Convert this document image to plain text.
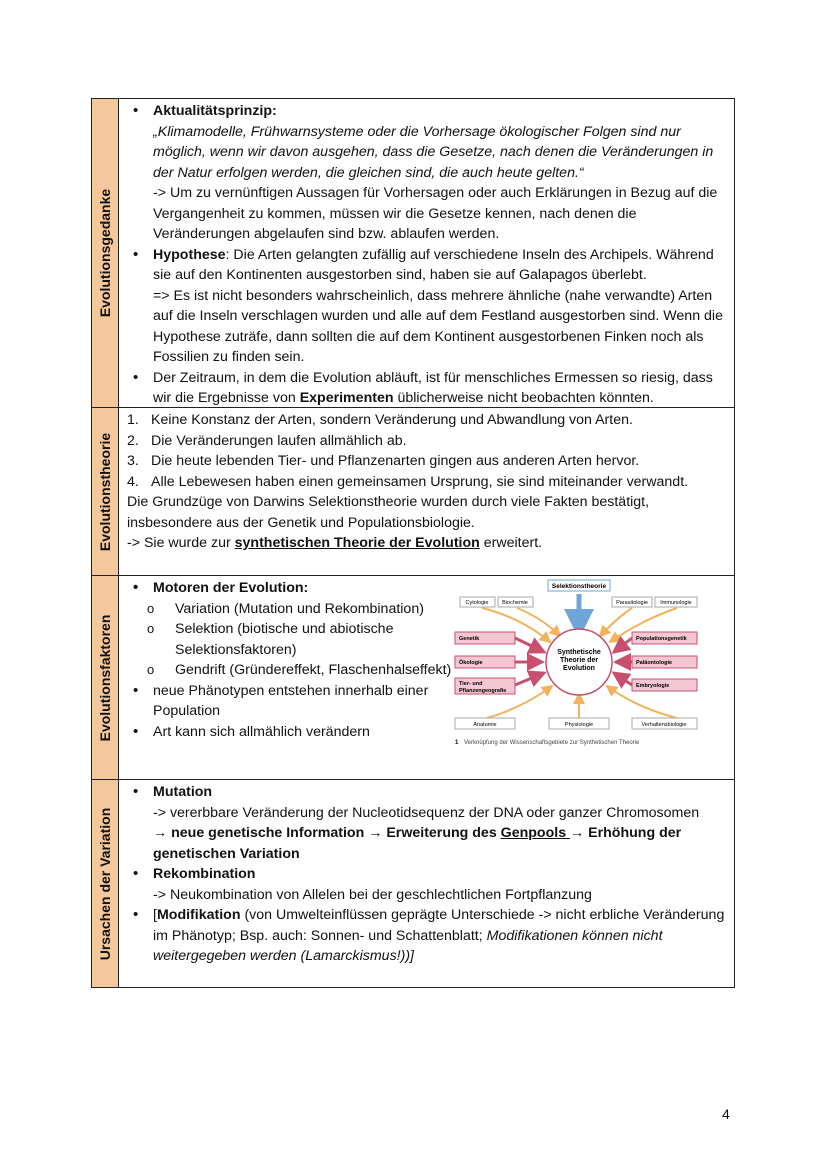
Evolutionsgedanke
• Aktualitätsprinzip:
„Klimamodelle, Frühwarnsysteme oder die Vorhersage ökologischer Folgen sind nur möglich, wenn wir davon ausgehen, dass die Gesetze, nach denen die Veränderungen in der Natur erfolgen werden, die gleichen sind, die auch heute gelten.“
-> Um zu vernünftigen Aussagen für Vorhersagen oder auch Erklärungen in Bezug auf die Vergangenheit zu kommen, müssen wir die Gesetze kennen, nach denen die Veränderungen abgelaufen sind bzw. ablaufen werden.
• Hypothese: Die Arten gelangten zufällig auf verschiedene Inseln des Archipels. Während sie auf den Kontinenten ausgestorben sind, haben sie auf Galapagos überlebt.
=> Es ist nicht besonders wahrscheinlich, dass mehrere ähnliche (nahe verwandte) Arten auf die Inseln verschlagen wurden und alle auf dem Festland ausgestorben sind. Wenn die Hypothese zuträfe, dann sollten die auf dem Kontinent ausgestorbenen Finken noch als Fossilien zu finden sein.
• Der Zeitraum, in dem die Evolution abläuft, ist für menschliches Ermessen so riesig, dass wir die Ergebnisse von Experimenten üblicherweise nicht beobachten könnten.
Evolutionstheorie
1. Keine Konstanz der Arten, sondern Veränderung und Abwandlung von Arten.
2. Die Veränderungen laufen allmählich ab.
3. Die heute lebenden Tier- und Pflanzenarten gingen aus anderen Arten hervor.
4. Alle Lebewesen haben einen gemeinsamen Ursprung, sie sind miteinander verwandt.
Die Grundzüge von Darwins Selektionstheorie wurden durch viele Fakten bestätigt, insbesondere aus der Genetik und Populationsbiologie.
-> Sie wurde zur synthetischen Theorie der Evolution erweitert.
Evolutionsfaktoren
• Motoren der Evolution:
o Variation (Mutation und Rekombination)
o Selektion (biotische und abiotische Selektionsfaktoren)
o Gendrift (Gründereffekt, Flaschenhalseffekt)
• neue Phänotypen entstehen innerhalb einer Population
• Art kann sich allmählich verändern
Synthetische
Theorie der
Evolution
Selektionstheorie
Cytologie Biochemie	Parasitologie Immunologie
Genetik
Ökologie
Tier- und
Pflanzengeografie
Populationsgenetik
Paläontologie
Embryologie
Anatomie	Physiologie	Verhaltensbiologie
1 Verknüpfung der Wissenschaftsgebiete zur Synthetischen Theorie
Ursachen der Variation
• Mutation
-> vererbbare Veränderung der Nucleotidsequenz der DNA oder ganzer Chromosomen
→ neue genetische Information → Erweiterung des Genpools → Erhöhung der genetischen Variation
• Rekombination
-> Neukombination von Allelen bei der geschlechtlichen Fortpflanzung
• [Modifikation (von Umwelteinflüssen geprägte Unterschiede -> nicht erbliche Veränderung im Phänotyp; Bsp. auch: Sonnen- und Schattenblatt; Modifikationen können nicht weitergegeben werden (Lamarckismus!))]
4
